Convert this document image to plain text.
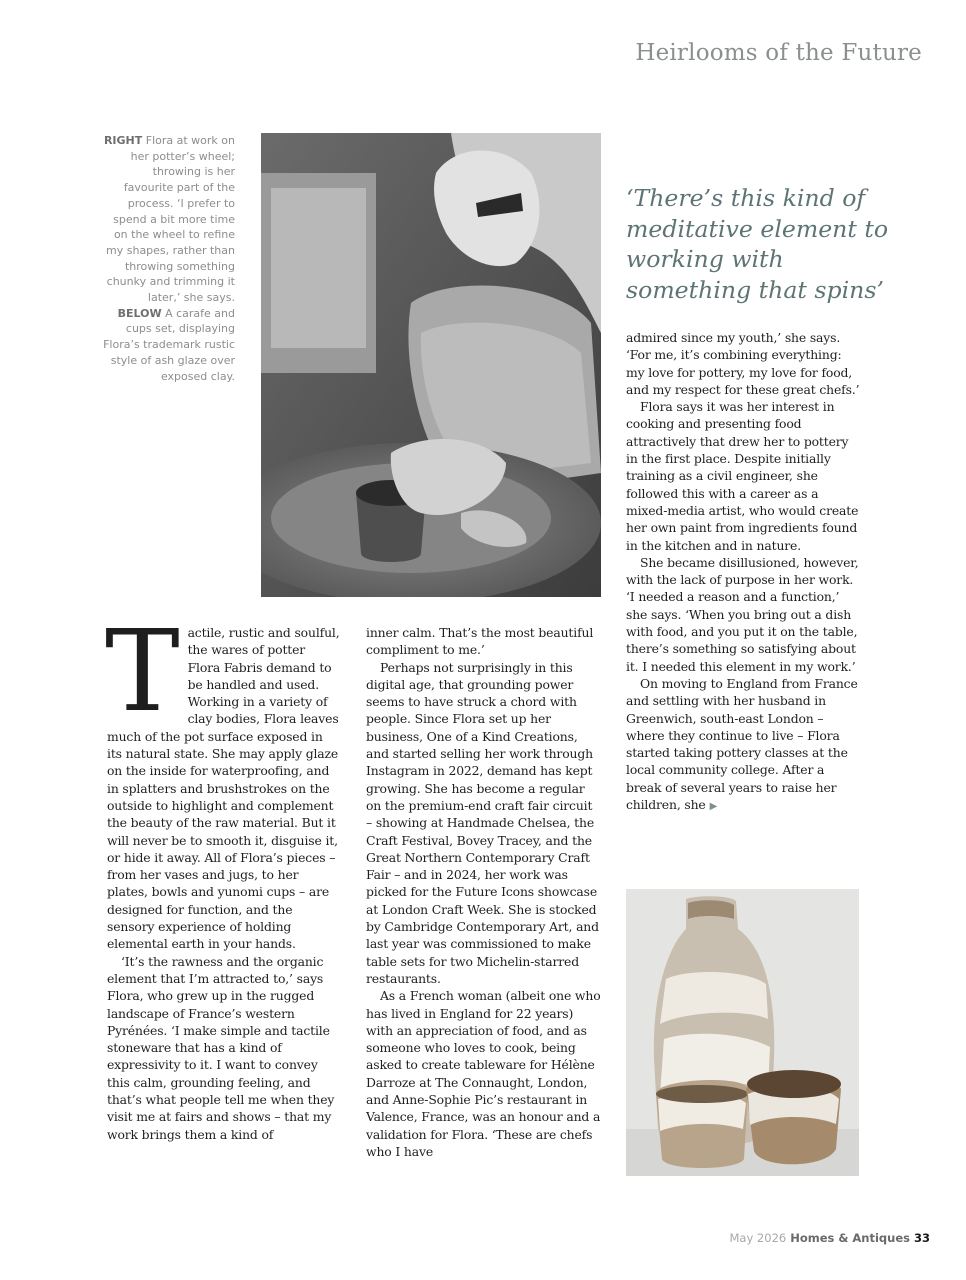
Heirlooms of the Future

RIGHT Flora at work on her potter’s wheel; throwing is her favourite part of the process. ‘I prefer to spend a bit more time on the wheel to refine my shapes, rather than throwing something chunky and trimming it later,’ she says.

BELOW A carafe and cups set, displaying Flora’s trademark rustic style of ash glaze over exposed clay.

‘There’s this kind of meditative element to working with something that spins’

Tactile, rustic and soulful, the wares of potter Flora Fabris demand to be handled and used. Working in a variety of clay bodies, Flora leaves much of the pot surface exposed in its natural state. She may apply glaze on the inside for waterproofing, and in splatters and brushstrokes on the outside to highlight and complement the beauty of the raw material. But it will never be to smooth it, disguise it, or hide it away. All of Flora’s pieces – from her vases and jugs, to her plates, bowls and yunomi cups – are designed for function, and the sensory experience of holding elemental earth in your hands.

‘It’s the rawness and the organic element that I’m attracted to,’ says Flora, who grew up in the rugged landscape of France’s western Pyrénées. ‘I make simple and tactile stoneware that has a kind of expressivity to it. I want to convey this calm, grounding feeling, and that’s what people tell me when they visit me at fairs and shows – that my work brings them a kind of

inner calm. That’s the most beautiful compliment to me.’

Perhaps not surprisingly in this digital age, that grounding power seems to have struck a chord with people. Since Flora set up her business, One of a Kind Creations, and started selling her work through Instagram in 2022, demand has kept growing. She has become a regular on the premium-end craft fair circuit – showing at Handmade Chelsea, the Craft Festival, Bovey Tracey, and the Great Northern Contemporary Craft Fair – and in 2024, her work was picked for the Future Icons showcase at London Craft Week. She is stocked by Cambridge Contemporary Art, and last year was commissioned to make table sets for two Michelin-starred restaurants.

As a French woman (albeit one who has lived in England for 22 years) with an appreciation of food, and as someone who loves to cook, being asked to create tableware for Hélène Darroze at The Connaught, London, and Anne-Sophie Pic’s restaurant in Valence, France, was an honour and a validation for Flora. ‘These are chefs who I have

admired since my youth,’ she says. ‘For me, it’s combining everything: my love for pottery, my love for food, and my respect for these great chefs.’

Flora says it was her interest in cooking and presenting food attractively that drew her to pottery in the first place. Despite initially training as a civil engineer, she followed this with a career as a mixed-media artist, who would create her own paint from ingredients found in the kitchen and in nature.

She became disillusioned, however, with the lack of purpose in her work. ‘I needed a reason and a function,’ she says. ‘When you bring out a dish with food, and you put it on the table, there’s something so satisfying about it. I needed this element in my work.’

On moving to England from France and settling with her husband in Greenwich, south-east London – where they continue to live – Flora started taking pottery classes at the local community college. After a break of several years to raise her children, she ▶

May 2026 Homes & Antiques 33
